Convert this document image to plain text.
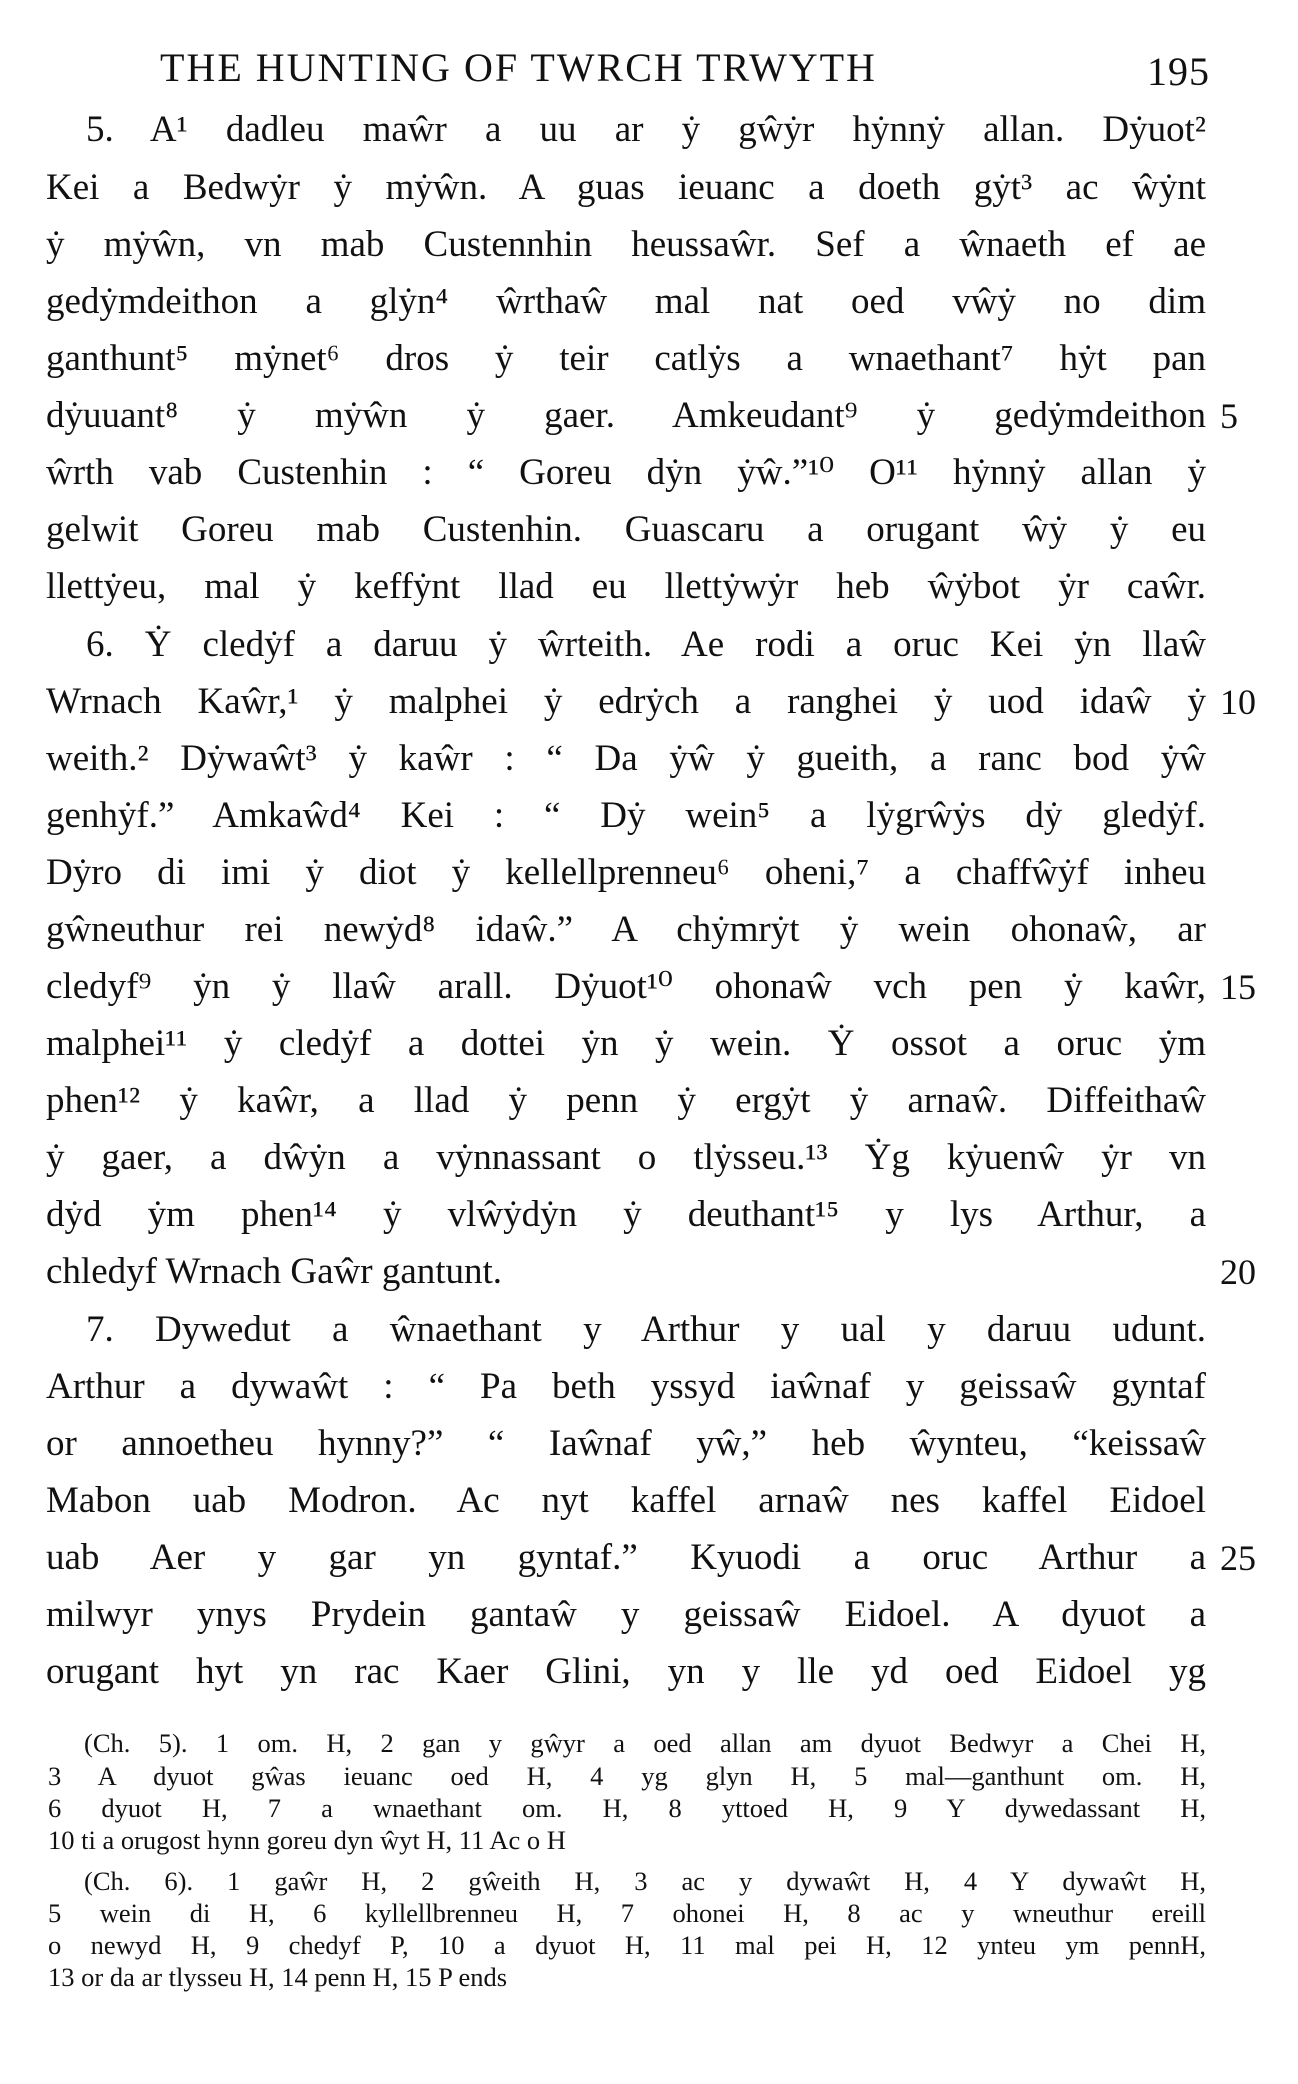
THE HUNTING OF TWRCH TRWYTH	195
5. A¹ dadleu maŵr a uu ar ẏ gŵẏr hẏnnẏ allan. Dẏuot²
Kei a Bedwẏr ẏ mẏŵn. A guas ieuanc a doeth gẏt³ ac ŵẏnt
ẏ mẏŵn, vn mab Custennhin heussaŵr. Sef a ŵnaeth ef ae
gedẏmdeithon a glẏn⁴ ŵrthaŵ mal nat oed vŵẏ no dim
ganthunt⁵ mẏnet⁶ dros ẏ teir catlẏs a wnaethant⁷ hẏt pan
dẏuuant⁸ ẏ mẏŵn ẏ gaer. Amkeudant⁹ ẏ gedẏmdeithon
ŵrth vab Custenhin : “ Goreu dẏn ẏŵ.”¹⁰ O¹¹ hẏnnẏ allan ẏ
gelwit Goreu mab Custenhin. Guascaru a orugant ŵẏ ẏ eu
llettẏeu, mal ẏ keffẏnt llad eu llettẏwẏr heb ŵẏbot ẏr caŵr.
6. Ẏ cledẏf a daruu ẏ ŵrteith. Ae rodi a oruc Kei ẏn llaŵ
Wrnach Kaŵr,¹ ẏ malphei ẏ edrẏch a ranghei ẏ uod idaŵ ẏ
weith.² Dẏwaŵt³ ẏ kaŵr : “ Da ẏŵ ẏ gueith, a ranc bod ẏŵ
genhẏf.” Amkaŵd⁴ Kei : “ Dẏ wein⁵ a lẏgrŵẏs dẏ gledẏf.
Dẏro di imi ẏ diot ẏ kellellprenneu⁶ oheni,⁷ a chaffŵẏf inheu
gŵneuthur rei newẏd⁸ idaŵ.” A chẏmrẏt ẏ wein ohonaŵ, ar
cledyf⁹ ẏn ẏ llaŵ arall. Dẏuot¹⁰ ohonaŵ vch pen ẏ kaŵr,
malphei¹¹ ẏ cledẏf a dottei ẏn ẏ wein. Ẏ ossot a oruc ẏm
phen¹² ẏ kaŵr, a llad ẏ penn ẏ ergẏt ẏ arnaŵ. Diffeithaŵ
ẏ gaer, a dŵẏn a vẏnnassant o tlẏsseu.¹³ Ẏg kẏuenŵ ẏr vn
dẏd ẏm phen¹⁴ ẏ vlŵẏdẏn ẏ deuthant¹⁵ y lys Arthur, a
chledyf Wrnach Gaŵr gantunt.
7. Dywedut a ŵnaethant y Arthur y ual y daruu udunt.
Arthur a dywaŵt : “ Pa beth yssyd iaŵnaf y geissaŵ gyntaf
or annoetheu hynny?” “ Iaŵnaf yŵ,” heb ŵynteu, “keissaŵ
Mabon uab Modron. Ac nyt kaffel arnaŵ nes kaffel Eidoel
uab Aer y gar yn gyntaf.” Kyuodi a oruc Arthur a
milwyr ynys Prydein gantaŵ y geissaŵ Eidoel. A dyuot a
orugant hyt yn rac Kaer Glini, yn y lle yd oed Eidoel yg
5
10
15
20
25
(Ch. 5). 1 om. H, 2 gan y gŵyr a oed allan am dyuot Bedwyr a Chei H,
3 A dyuot gŵas ieuanc oed H, 4 yg glyn H, 5 mal—ganthunt om. H,
6 dyuot H, 7 a wnaethant om. H, 8 yttoed H, 9 Y dywedassant H,
10 ti a orugost hynn goreu dyn ŵyt H, 11 Ac o H
(Ch. 6). 1 gaŵr H, 2 gŵeith H, 3 ac y dywaŵt H, 4 Y dywaŵt H,
5 wein di H, 6 kyllellbrenneu H, 7 ohonei H, 8 ac y wneuthur ereill
o newyd H, 9 chedyf P, 10 a dyuot H, 11 mal pei H, 12 ynteu ym pennH,
13 or da ar tlysseu H, 14 penn H, 15 P ends
